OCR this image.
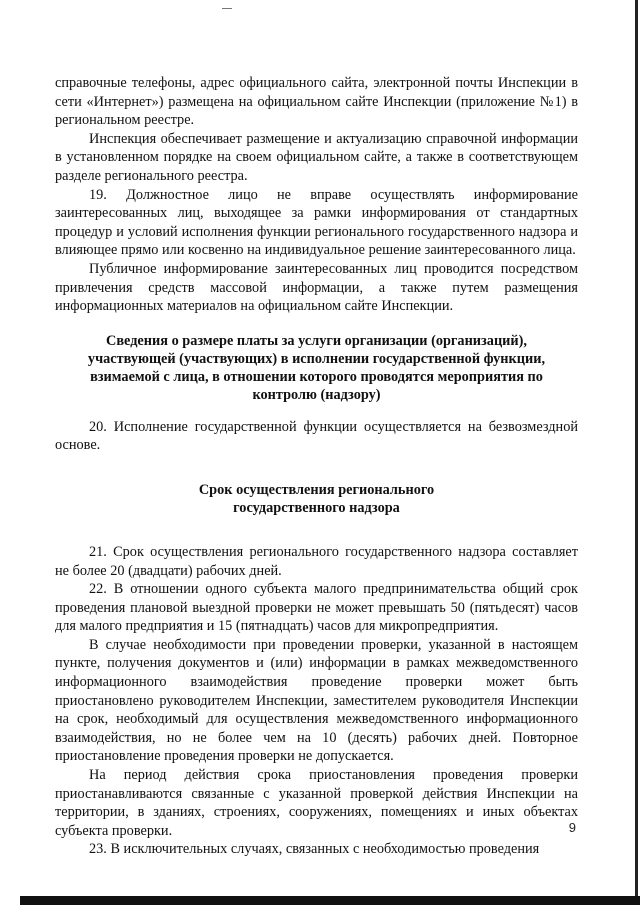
справочные телефоны, адрес официального сайта, электронной почты Инспекции в сети «Интернет») размещена на официальном сайте Инспекции (приложение №1) в региональном реестре.

Инспекция обеспечивает размещение и актуализацию справочной информации в установленном порядке на своем официальном сайте, а также в соответствующем разделе регионального реестра.

19. Должностное лицо не вправе осуществлять информирование заинтересованных лиц, выходящее за рамки информирования от стандартных процедур и условий исполнения функции регионального государственного надзора и влияющее прямо или косвенно на индивидуальное решение заинтересованного лица.

Публичное информирование заинтересованных лиц проводится посредством привлечения средств массовой информации, а также путем размещения информационных материалов на официальном сайте Инспекции.

Сведения о размере платы за услуги организации (организаций),
участвующей (участвующих) в исполнении государственной функции,
взимаемой с лица, в отношении которого проводятся мероприятия по
контролю (надзору)

20. Исполнение государственной функции осуществляется на безвозмездной основе.

Срок осуществления регионального
государственного надзора

21. Срок осуществления регионального государственного надзора составляет не более 20 (двадцати) рабочих дней.

22. В отношении одного субъекта малого предпринимательства общий срок проведения плановой выездной проверки не может превышать 50 (пятьдесят) часов для малого предприятия и 15 (пятнадцать) часов для микропредприятия.

В случае необходимости при проведении проверки, указанной в настоящем пункте, получения документов и (или) информации в рамках межведомственного информационного взаимодействия проведение проверки может быть приостановлено руководителем Инспекции, заместителем руководителя Инспекции на срок, необходимый для осуществления межведомственного информационного взаимодействия, но не более чем на 10 (десять) рабочих дней. Повторное приостановление проведения проверки не допускается.

На период действия срока приостановления проведения проверки приостанавливаются связанные с указанной проверкой действия Инспекции на территории, в зданиях, строениях, сооружениях, помещениях и иных объектах субъекта проверки.

23. В исключительных случаях, связанных с необходимостью проведения

9
